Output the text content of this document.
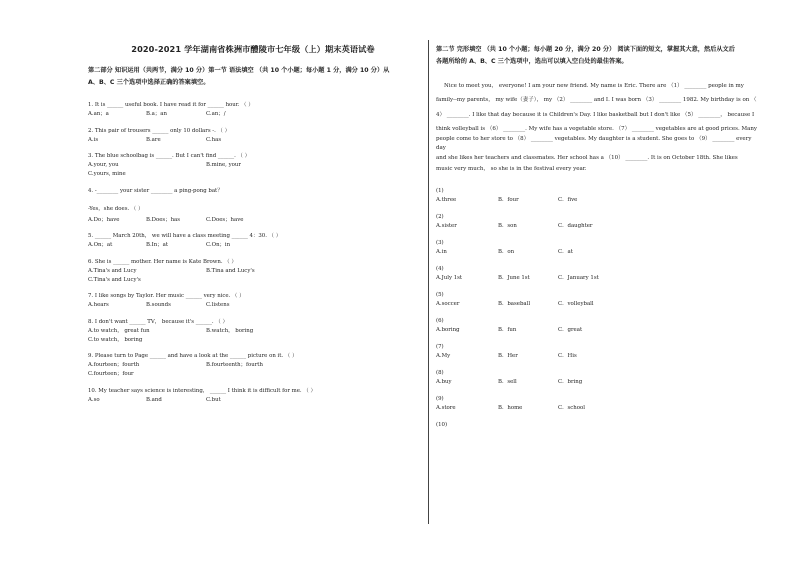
2020-2021 学年湖南省株洲市醴陵市七年级（上）期末英语试卷

第二部分 知识运用（共两节，满分 10 分）第一节 语法填空 （共 10 个小题；每小题 1 分，满分 10 分）从

A、B、C 三个选项中选择正确的答案填空。

1. It is ______ useful book. I have read it for ______ hour. （ ）

A.an；a	B.a；an	C.an；/

2. This pair of trousers ______ only 10 dollars -. （ ）

A.is	B.are	C.has

3. The blue schoolbag is ______. But I can't find ______. （ ）

A.your, you	B.mine, your
C.yours, mine

4. -________ your sister ________ a ping-pong bat？

-Yes，she does. （ ）

A.Do；have	B.Does；has	C.Does；have

5. ______ March 20th， we will have a class meeting ______ 4：30. （ ）

A.On；at	B.In；at	C.On；in

6. She is ______ mother. Her name is Kate Brown. （ ）

A.Tina's and Lucy	B.Tina and Lucy's
C.Tina's and Lucy's

7. I like songs by Taylor. Her music ______ very nice. （ ）

A.hears	B.sounds	C.listens

8. I don't want ______ TV， because it's ______. （ ）

A.to watch， great fun	B.watch， boring
C.to watch， boring

9. Please turn to Page ______ and have a look at the ______ picture on it. （ ）

A.fourteen；fourth	B.fourteenth；fourth
C.fourteen；four

10. My teacher says science is interesting， ______ I think it is difficult for me. （ ）

A.so	B.and	C.but

第二节 完形填空 （共 10 个小题；每小题 20 分，满分 20 分） 阅读下面的短文，掌握其大意，然后从文后

各题所给的 A、B、C 三个选项中，选出可以填入空白处的最佳答案。

Nice to meet you， everyone! I am your new friend. My name is Eric. There are （1） ________ people in my

family--my parents， my wife（妻子）， my （2） ________ and I. I was born （3） ________ 1982. My birthday is on （

4） ________. I like that day because it is Children's Day. I like basketball but I don't like （5） ________， because I

think volleyball is （6） ________. My wife has a vegetable store. （7） ________ vegetables are at good prices. Many

people come to her store to （8） ________ vegetables. My daughter is a student. She goes to （9） ________ every day

and she likes her teachers and classmates. Her school has a （10） ________. It is on October 18th. She likes

music very much， so she is in the festival every year.

(1)

A.three	B．four	C．five

(2)

A.sister	B．son	C．daughter

(3)

A.in	B．on	C．at

(4)

A.July 1st	B．June 1st	C．January 1st

(5)

A.soccer	B．baseball	C．volleyball

(6)

A.boring	B．fun	C．great

(7)

A.My	B．Her	C．His

(8)

A.buy	B．sell	C．bring

(9)

A.store	B．home	C．school

(10)
